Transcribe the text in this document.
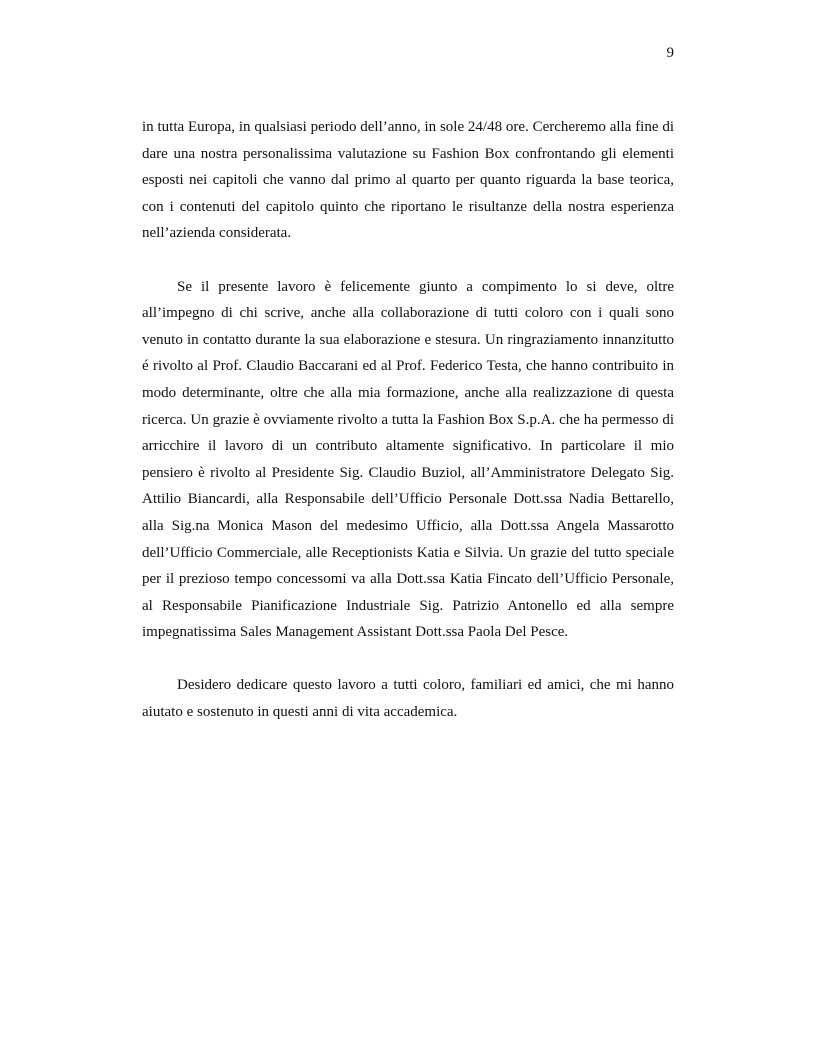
9
in tutta Europa, in qualsiasi periodo dell’anno, in sole 24/48 ore. Cercheremo alla fine di
dare una nostra personalissima valutazione su Fashion Box confrontando gli elementi
esposti nei capitoli che vanno dal primo al quarto per quanto riguarda la base teorica,
con i contenuti del capitolo quinto che riportano le risultanze della nostra esperienza
nell’azienda considerata.
Se il presente lavoro è felicemente giunto a compimento lo si deve, oltre
all’impegno di chi scrive, anche alla collaborazione di tutti coloro con i quali sono
venuto in contatto durante la sua elaborazione e stesura. Un ringraziamento innanzitutto
é rivolto al Prof. Claudio Baccarani ed al Prof. Federico Testa, che hanno contribuito in
modo determinante, oltre che alla mia formazione, anche alla realizzazione di questa
ricerca. Un grazie è ovviamente rivolto a tutta la Fashion Box S.p.A. che ha permesso di
arricchire il lavoro di un contributo altamente significativo. In particolare il mio
pensiero è rivolto al Presidente Sig. Claudio Buziol, all’Amministratore Delegato Sig.
Attilio Biancardi, alla Responsabile dell’Ufficio Personale Dott.ssa Nadia Bettarello,
alla Sig.na Monica Mason del medesimo Ufficio, alla Dott.ssa Angela Massarotto
dell’Ufficio Commerciale, alle Receptionists Katia e Silvia. Un grazie del tutto speciale
per il prezioso tempo concessomi va alla Dott.ssa Katia Fincato dell’Ufficio Personale,
al Responsabile Pianificazione Industriale Sig. Patrizio Antonello ed alla sempre
impegnatissima Sales Management Assistant Dott.ssa Paola Del Pesce.
Desidero dedicare questo lavoro a tutti coloro, familiari ed amici, che mi hanno
aiutato e sostenuto in questi anni di vita accademica.
